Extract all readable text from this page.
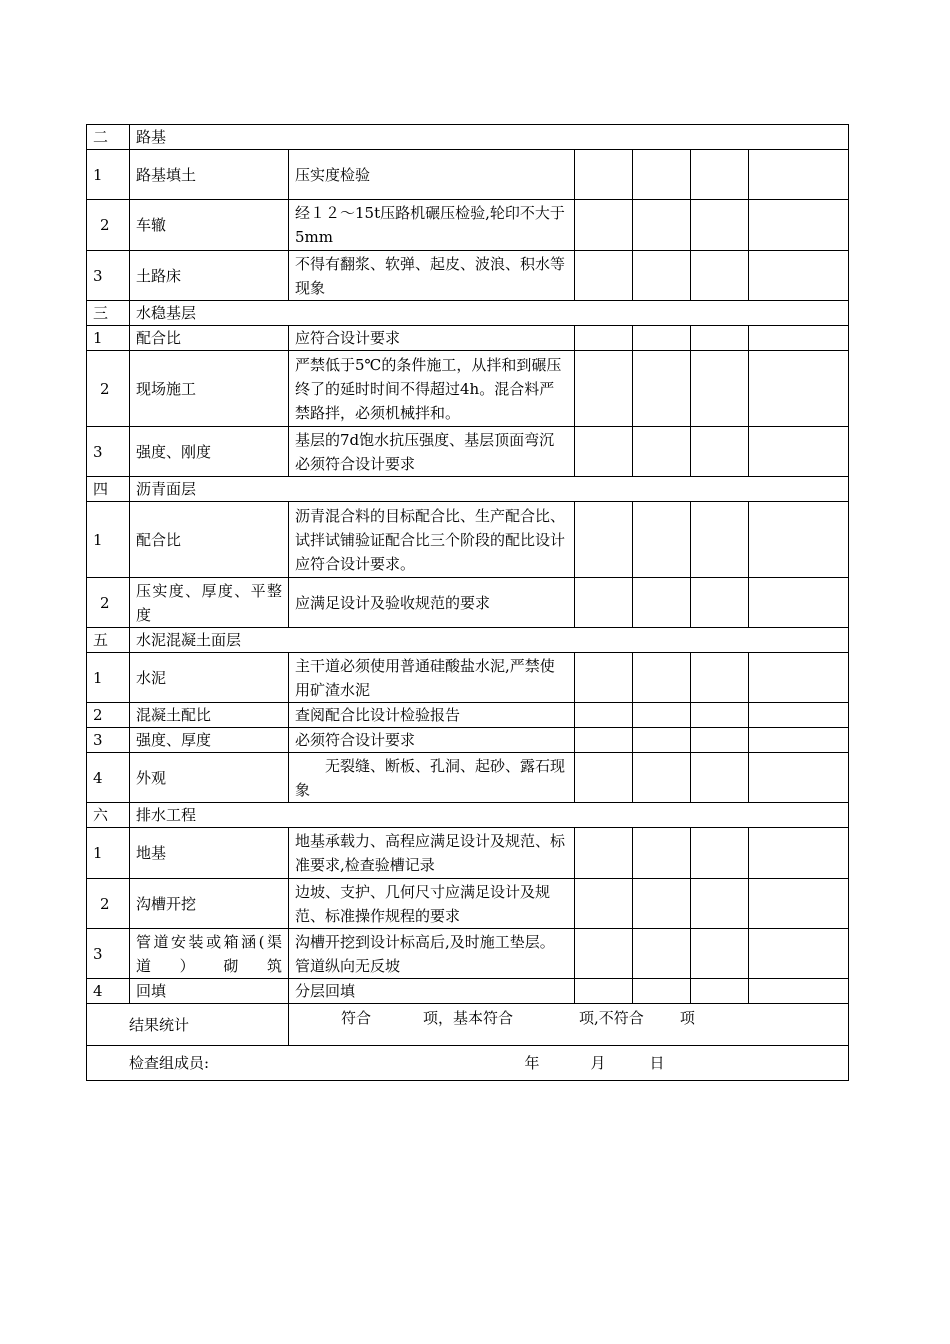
二	路基					
1	路基填土	压实度检验				
2	车辙	经１２～15t压路机碾压检验,轮印不大于5mm				
3	土路床	不得有翻浆、软弹、起皮、波浪、积水等现象				
三	水稳基层					
1	配合比	应符合设计要求				
2	现场施工	严禁低于5℃的条件施工，从拌和到碾压终了的延时时间不得超过4h。混合料严禁路拌，必须机械拌和。				
3	强度、刚度	基层的7d饱水抗压强度、基层顶面弯沉必须符合设计要求				
四	沥青面层					
1	配合比	沥青混合料的目标配合比、生产配合比、试拌试铺验证配合比三个阶段的配比设计应符合设计要求。				
2	压实度、厚度、平整度	应满足设计及验收规范的要求				
五	水泥混凝土面层					
1	水泥	主干道必须使用普通硅酸盐水泥,严禁使用矿渣水泥				
2	混凝土配比	查阅配合比设计检验报告				
3	强度、厚度	必须符合设计要求				
4	外观	　　无裂缝、断板、孔洞、起砂、露石现象				
六	排水工程					
1	地基	地基承载力、高程应满足设计及规范、标准要求,检查验槽记录				
2	沟槽开挖	边坡、支护、几何尺寸应满足设计及规范、标准操作规程的要求				
3	管道安装或箱涵(渠道）砌筑	沟槽开挖到设计标高后,及时施工垫层。管道纵向无反坡				
4	回填	分层回填				
结果统计		符合 项，基本符合 项,不符合 项				
检查组成员: 年 月 日						
